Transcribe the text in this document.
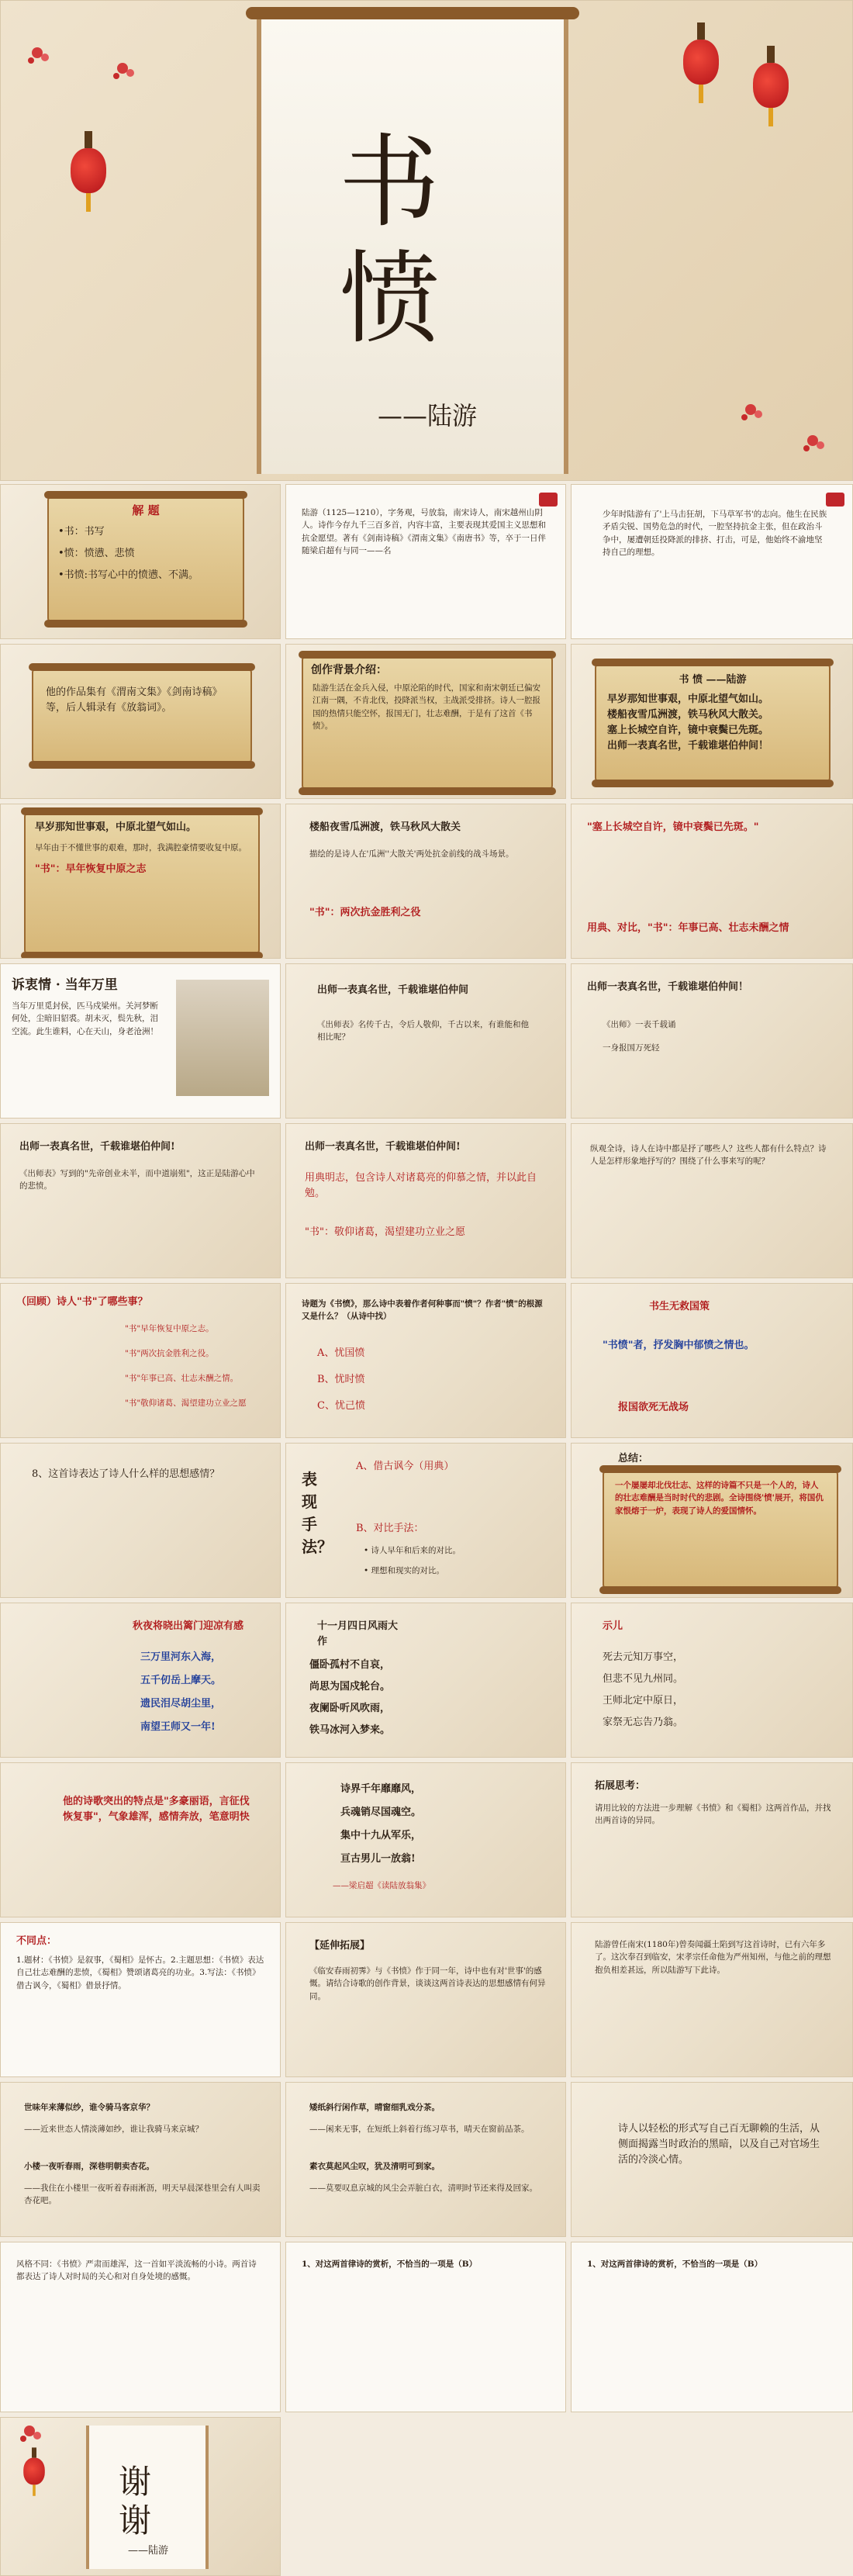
书
愤
——陆游
解 题
•书：书写
•愤：愤懑、悲愤
•书愤:书写心中的愤懑、不满。
陆游（1125—1210），字务观，号放翁，南宋诗人，南宋越州山阴人。诗作今存九千三百多首，内容丰富，主要表现其爱国主义思想和抗金愿望。著有《剑南诗稿》《渭南文集》《南唐书》等，卒于一日伴随梁启超有与同一——名
少年时陆游有了'上马击狂胡，下马草军书'的志向。他生在民族矛盾尖锐、国势危急的时代，一腔坚持抗金主张，但在政治斗争中，屡遭朝廷投降派的排挤、打击，可是，他始终不渝地坚持自己的理想。
他的作品集有《渭南文集》《剑南诗稿》等，后人辑录有《放翁词》。
创作背景介绍：
陆游生活在金兵入侵，中原沦陷的时代，国家和南宋朝廷已偏安江南一隅，不肯北伐，投降派当权，主战派受排挤。诗人一腔报国的热情只能空怀，报国无门，壮志难酬，于是有了这首《书愤》。
书 愤 ——陆游
早岁那知世事艰，中原北望气如山。
楼船夜雪瓜洲渡，铁马秋风大散关。
塞上长城空自许，镜中衰鬓已先斑。
出师一表真名世，千载谁堪伯仲间！
早岁那知世事艰，中原北望气如山。
早年由于不懂世事的艰难，那时，我满腔豪情要收复中原。
"书"：早年恢复中原之志
楼船夜雪瓜洲渡，铁马秋风大散关
描绘的是诗人在'瓜洲''大散关'两处抗金前线的战斗场景。
"书"：两次抗金胜利之役
"塞上长城空自许，镜中衰鬓已先斑。"
用典、对比，"书"：年事已高、壮志未酬之情
诉衷情 · 当年万里
当年万里觅封侯，匹马戍梁州。关河梦断何处，尘暗旧貂裘。胡未灭，鬓先秋，泪空流。此生谁料，心在天山，身老沧洲！
出师一表真名世，千载谁堪伯仲间
《出师表》名传千古，令后人敬仰，千古以来，有谁能和他相比呢？
出师一表真名世，千载谁堪伯仲间！
《出师》一表千载诵
一身报国万死轻
出师一表真名世，千载谁堪伯仲间!
《出师表》写到的"先帝创业未半，而中道崩殂"，这正是陆游心中的悲愤。
出师一表真名世，千载谁堪伯仲间!
用典明志，包含诗人对诸葛亮的仰慕之情，并以此自勉。
"书"：敬仰诸葛，渴望建功立业之愿
纵观全诗，诗人在诗中都是抒了哪些人？这些人都有什么特点？诗人是怎样形象地抒写的？围绕了什么事来写的呢？
（回顾）诗人"书"了哪些事？
"书"早年恢复中原之志。
"书"两次抗金胜利之役。
"书"年事已高、壮志未酬之情。
"书"敬仰诸葛、渴望建功立业之愿
诗题为《书愤》，那么诗中表着作者何种事而"愤"？作者"愤"的根源又是什么？（从诗中找）
A、忧国愤
B、忧时愤
C、忧己愤
书生无救国策
"书愤"者，抒发胸中郁愤之情也。
报国欲死无战场
8、这首诗表达了诗人什么样的思想感情？	表现手法？
A、借古讽今（用典）
B、对比手法：
• 诗人早年和后来的对比。
• 理想和现实的对比。
总结：
一个屡屡却北伐壮志、这样的诗篇不只是一个人的，诗人的壮志难酬是当时时代的悲剧。全诗围绕'愤'展开，将国仇家恨熔于一炉，表现了诗人的爱国情怀。
秋夜将晓出篱门迎凉有感
三万里河东入海，
五千仞岳上摩天。
遗民泪尽胡尘里，
南望王师又一年!
十一月四日风雨大作
僵卧孤村不自哀，
尚思为国戍轮台。
夜阑卧听风吹雨，
铁马冰河入梦来。
示儿
死去元知万事空，
但悲不见九州同。
王师北定中原日，
家祭无忘告乃翁。
他的诗歌突出的特点是"多豪丽语，言征伐恢复事"，气象雄浑，感情奔放，笔意明快
诗界千年靡靡风，
兵魂销尽国魂空。
集中十九从军乐，
亘古男儿一放翁!
——梁启超《读陆放翁集》
拓展思考：
请用比较的方法进一步理解《书愤》和《蜀相》这两首作品，并找出两首诗的异同。
不同点：
1.题材：《书愤》是叙事，《蜀相》是怀古。2.主题思想：《书愤》表达自己壮志难酬的悲愤，《蜀相》赞颂诸葛亮的功业。3.写法：《书愤》借古讽今，《蜀相》借景抒情。
【延伸拓展】
《临安春雨初霁》与《书愤》作于同一年，诗中也有对'世事'的感慨。请结合诗歌的创作背景，谈谈这两首诗表达的思想感情有何异同。
陆游曾任南宋(1180年)曾奏闻疆土陷到写这首诗时，已有六年多了。这次奉召到临安，宋孝宗任命他为严州知州，与他之前的理想抱负相差甚远，所以陆游写下此诗。
世味年来薄似纱，谁令骑马客京华？
——近来世态人情淡薄如纱，谁让我骑马来京城？
小楼一夜听春雨，深巷明朝卖杏花。
——我住在小楼里一夜听着春雨淅沥，明天早晨深巷里会有人叫卖杏花吧。
矮纸斜行闲作草，晴窗细乳戏分茶。
——闲来无事，在短纸上斜着行练习草书，晴天在窗前品茶。
素衣莫起风尘叹，犹及清明可到家。
——莫要叹息京城的风尘会弄脏白衣，清明时节还来得及回家。
诗人以轻松的形式写自己百无聊赖的生活，从侧面揭露当时政治的黑暗，以及自己对官场生活的冷淡心情。
风格不同：《书愤》严肃而雄浑，这一首如平淡流畅的小诗。两首诗都表达了诗人对时局的关心和对自身处境的感慨。
1、对这两首律诗的赏析，不恰当的一项是（B）	1、对这两首律诗的赏析，不恰当的一项是（B）
谢
谢
——陆游
